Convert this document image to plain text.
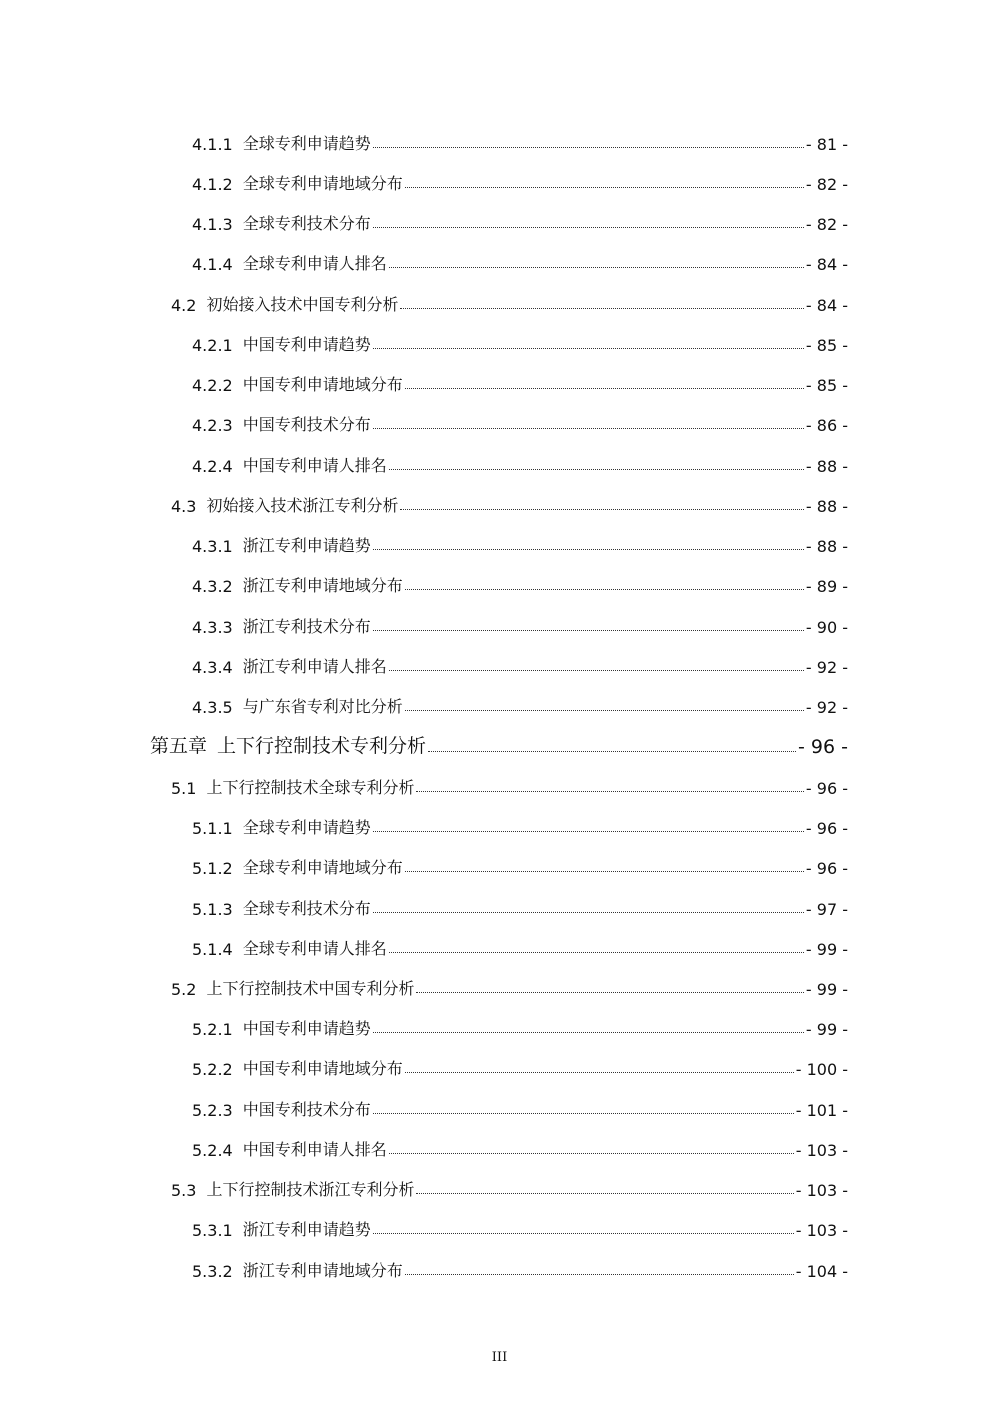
4.1.1 全球专利申请趋势	- 81 -
4.1.2 全球专利申请地域分布	- 82 -
4.1.3 全球专利技术分布	- 82 -
4.1.4 全球专利申请人排名	- 84 -
4.2 初始接入技术中国专利分析	- 84 -
4.2.1 中国专利申请趋势	- 85 -
4.2.2 中国专利申请地域分布	- 85 -
4.2.3 中国专利技术分布	- 86 -
4.2.4 中国专利申请人排名	- 88 -
4.3 初始接入技术浙江专利分析	- 88 -
4.3.1 浙江专利申请趋势	- 88 -
4.3.2 浙江专利申请地域分布	- 89 -
4.3.3 浙江专利技术分布	- 90 -
4.3.4 浙江专利申请人排名	- 92 -
4.3.5 与广东省专利对比分析	- 92 -
第五章 上下行控制技术专利分析	- 96 -
5.1 上下行控制技术全球专利分析	- 96 -
5.1.1 全球专利申请趋势	- 96 -
5.1.2 全球专利申请地域分布	- 96 -
5.1.3 全球专利技术分布	- 97 -
5.1.4 全球专利申请人排名	- 99 -
5.2 上下行控制技术中国专利分析	- 99 -
5.2.1 中国专利申请趋势	- 99 -
5.2.2 中国专利申请地域分布	- 100 -
5.2.3 中国专利技术分布	- 101 -
5.2.4 中国专利申请人排名	- 103 -
5.3 上下行控制技术浙江专利分析	- 103 -
5.3.1 浙江专利申请趋势	- 103 -
5.3.2 浙江专利申请地域分布	- 104 -
III
